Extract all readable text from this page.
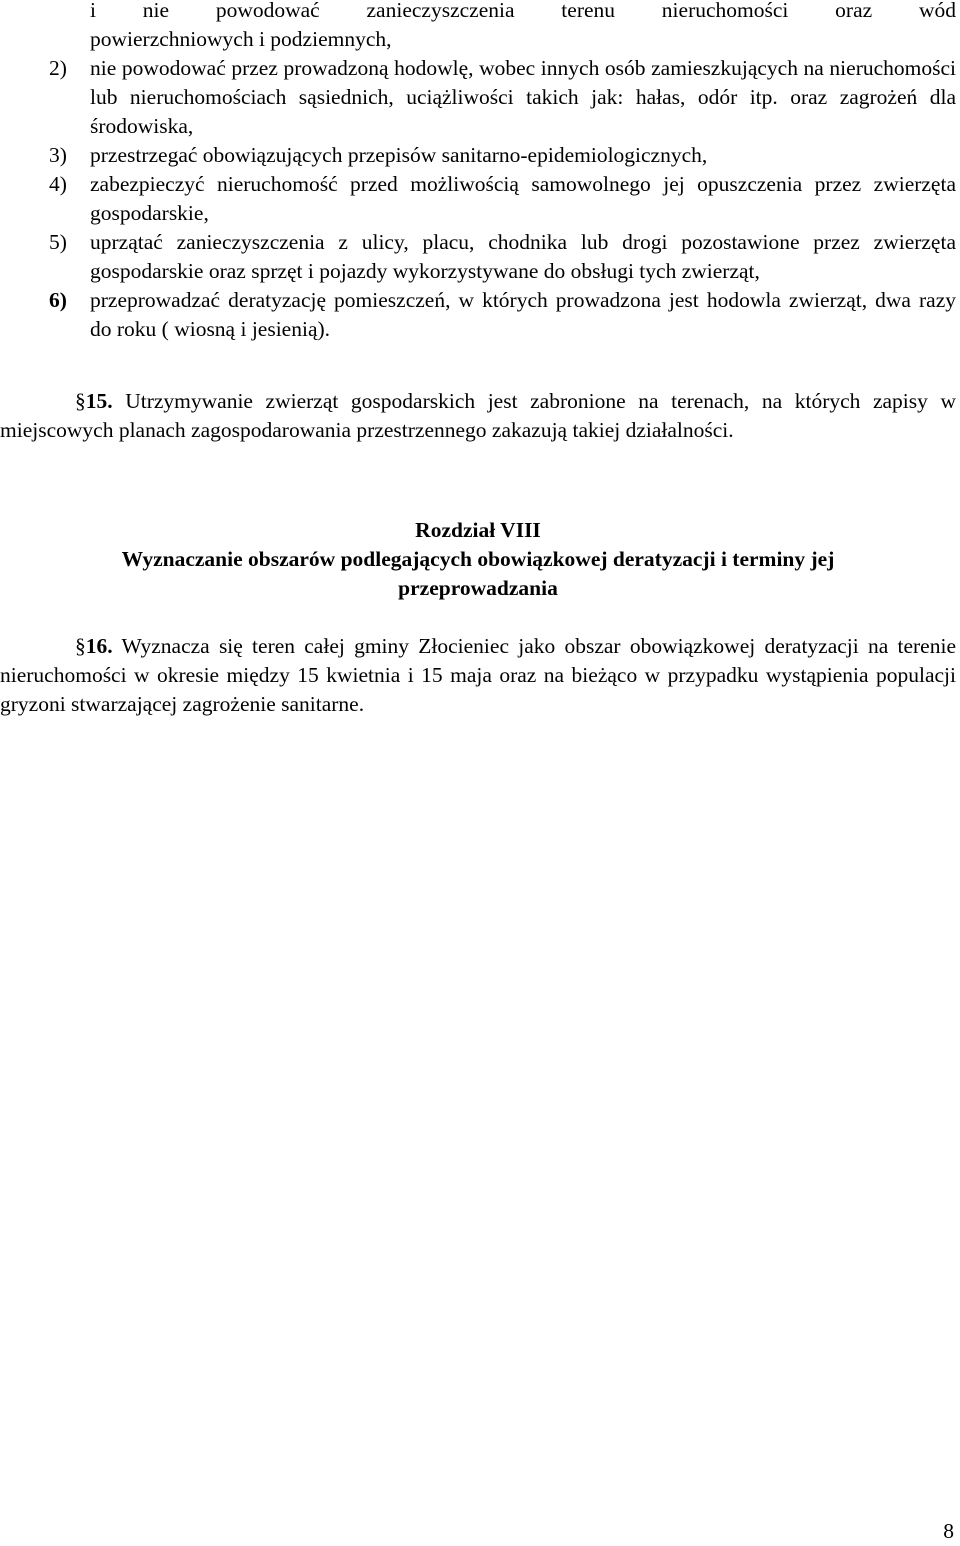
i nie powodować zanieczyszczenia terenu nieruchomości oraz wód
powierzchniowych i podziemnych,
2) nie powodować przez prowadzoną hodowlę, wobec innych osób zamieszkujących na nieruchomości lub nieruchomościach sąsiednich, uciążliwości takich jak: hałas, odór itp. oraz zagrożeń dla środowiska,
3) przestrzegać obowiązujących przepisów sanitarno-epidemiologicznych,
4) zabezpieczyć nieruchomość przed możliwością samowolnego jej opuszczenia przez zwierzęta gospodarskie,
5) uprzątać zanieczyszczenia z ulicy, placu, chodnika lub drogi pozostawione przez zwierzęta gospodarskie oraz sprzęt i pojazdy wykorzystywane do obsługi tych zwierząt,
6) przeprowadzać deratyzację pomieszczeń, w których prowadzona jest hodowla zwierząt, dwa razy do roku ( wiosną i jesienią).
§15. Utrzymywanie zwierząt gospodarskich jest zabronione na terenach, na których zapisy w miejscowych planach zagospodarowania przestrzennego zakazują takiej działalności.
Rozdział VIII
Wyznaczanie obszarów podlegających obowiązkowej deratyzacji i terminy jej przeprowadzania
§16. Wyznacza się teren całej gminy Złocieniec jako obszar obowiązkowej deratyzacji na terenie nieruchomości w okresie między 15 kwietnia i 15 maja oraz na bieżąco w przypadku wystąpienia populacji gryzoni stwarzającej zagrożenie sanitarne.
8
